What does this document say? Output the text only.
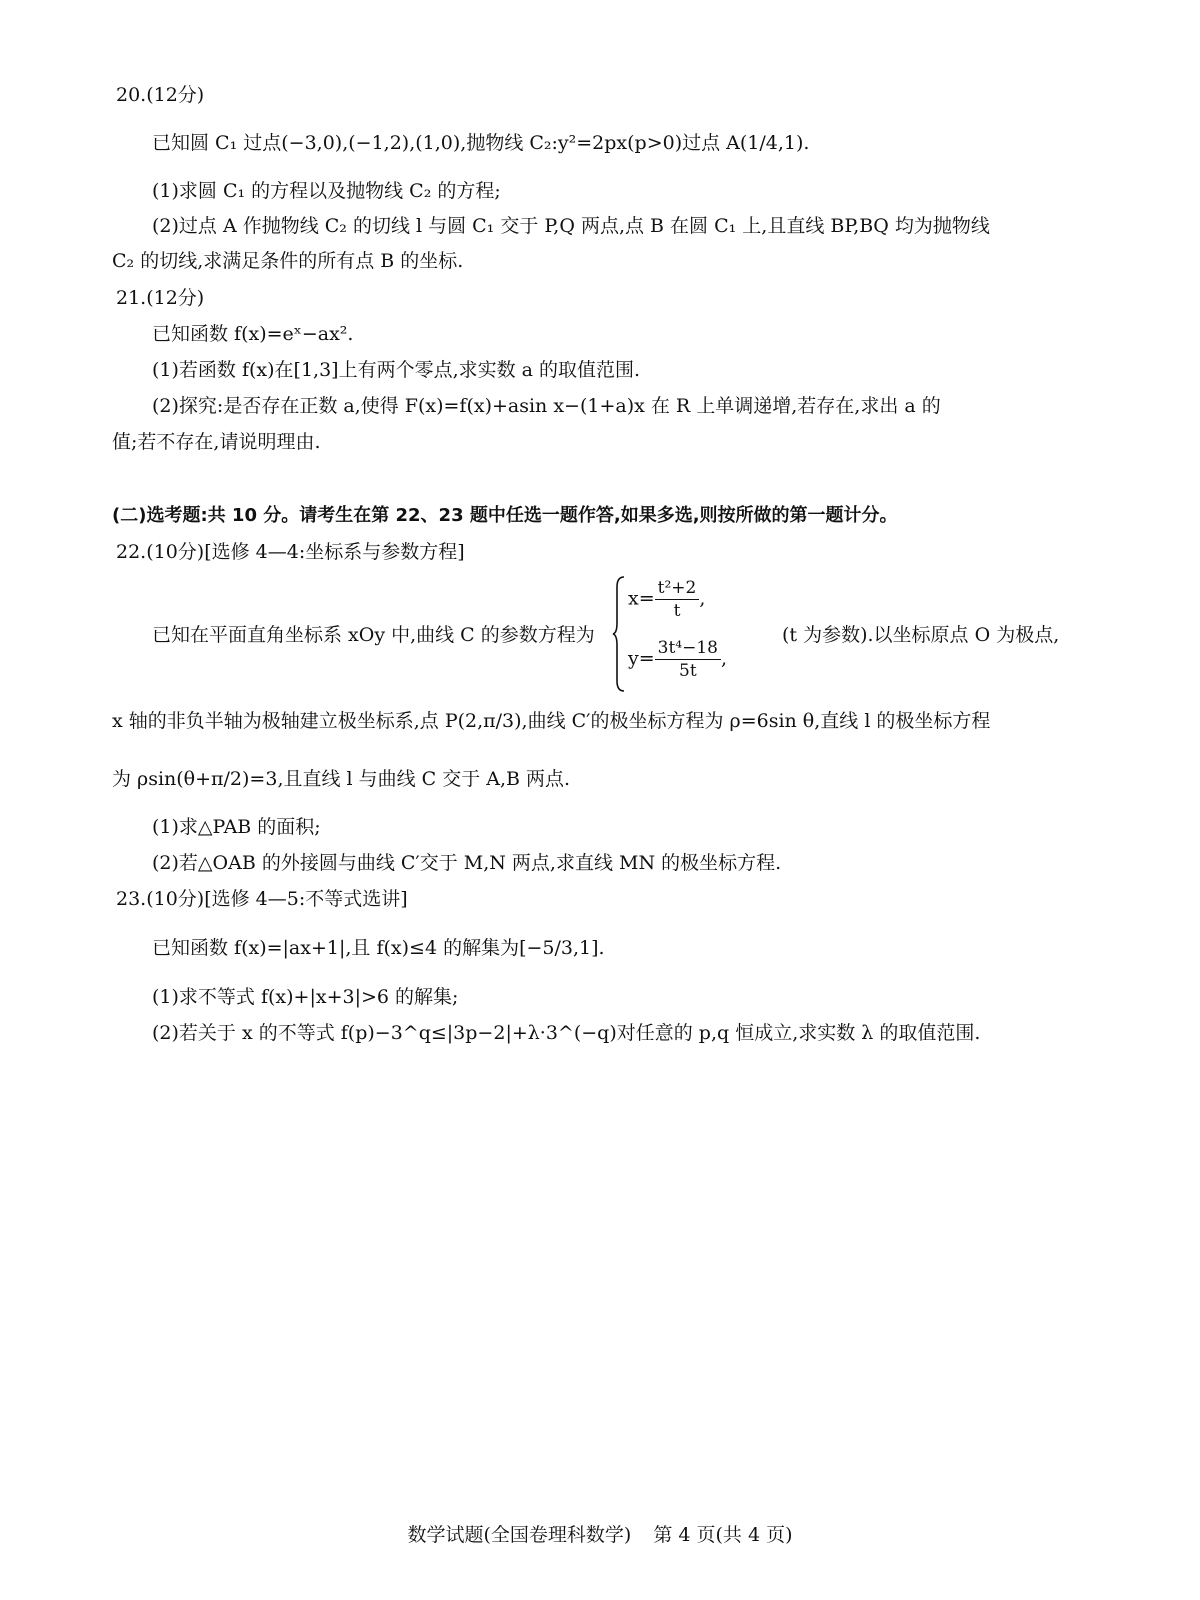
20.(12分)
已知圆 C₁ 过点(−3,0),(−1,2),(1,0),抛物线 C₂:y²=2px(p>0)过点 A(1/4,1).
(1)求圆 C₁ 的方程以及抛物线 C₂ 的方程;
(2)过点 A 作抛物线 C₂ 的切线 l 与圆 C₁ 交于 P,Q 两点,点 B 在圆 C₁ 上,且直线 BP,BQ 均为抛物线
C₂ 的切线,求满足条件的所有点 B 的坐标.
21.(12分)
已知函数 f(x)=eˣ−ax².
(1)若函数 f(x)在[1,3]上有两个零点,求实数 a 的取值范围.
(2)探究:是否存在正数 a,使得 F(x)=f(x)+asin x−(1+a)x 在 R 上单调递增,若存在,求出 a 的
值;若不存在,请说明理由.
(二)选考题:共 10 分。请考生在第 22、23 题中任选一题作答,如果多选,则按所做的第一题计分。
22.(10分)[选修 4—4:坐标系与参数方程]
已知在平面直角坐标系 xOy 中,曲线 C 的参数方程为
$x= \frac{\text{t²+2}}{t}$ ,
$y= \frac{\text{3t⁴−18}}{5t}$ ,
(t 为参数).以坐标原点 O 为极点,
x 轴的非负半轴为极轴建立极坐标系,点 P(2,π/3),曲线 C′的极坐标方程为 ρ=6sin θ,直线 l 的极坐标方程
为 ρsin(θ+π/2)=3,且直线 l 与曲线 C 交于 A,B 两点.
(1)求△PAB 的面积;
(2)若△OAB 的外接圆与曲线 C′交于 M,N 两点,求直线 MN 的极坐标方程.
23.(10分)[选修 4—5:不等式选讲]
已知函数 f(x)=|ax+1|,且 f(x)≤4 的解集为[−5/3,1].
(1)求不等式 f(x)+|x+3|>6 的解集;
(2)若关于 x 的不等式 f(p)−3^q≤|3p−2|+λ·3^(−q)对任意的 p,q 恒成立,求实数 λ 的取值范围.
数学试题(全国卷理科数学) 第 4 页(共 4 页)
